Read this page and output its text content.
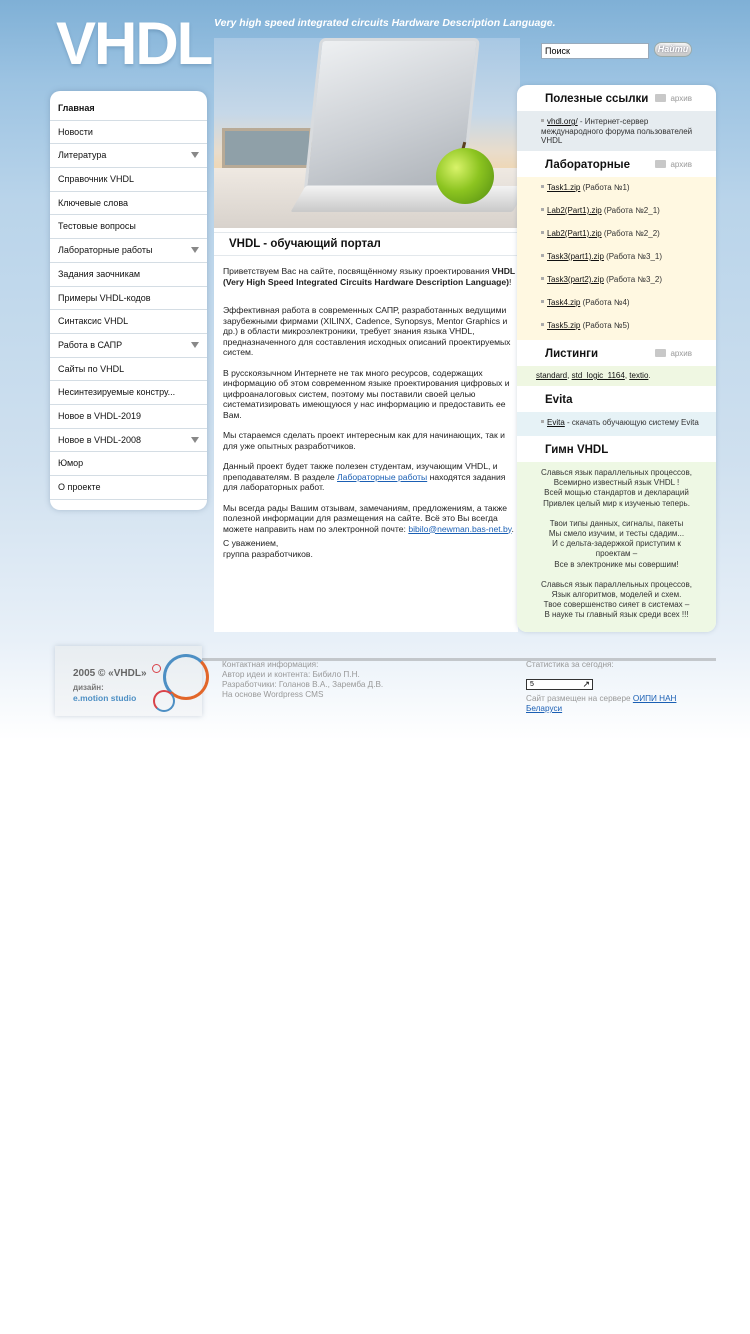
VHDL Very high speed integrated circuits Hardware Description Language.
Поиск
Найти
Главная
Новости
Литература
Справочник VHDL
Ключевые слова
Тестовые вопросы
Лабораторные работы
Задания заочникам
Примеры VHDL-кодов
Синтаксис VHDL
Работа в САПР
Сайты по VHDL
Несинтезируемые констру...
Новое в VHDL-2019
Новое в VHDL-2008
Юмор
О проекте
VHDL - обучающий портал

Приветствуем Вас на сайте, посвящённому языку проектирования VHDL (Very High Speed Integrated Circuits Hardware Description Language)!

Эффективная работа в современных САПР, разработанных ведущими зарубежными фирмами (XILINX, Cadence, Synopsys, Mentor Graphics и др.) в области микроэлектроники, требует знания языка VHDL, предназначенного для составления исходных описаний проектируемых систем.

В русскоязычном Интернете не так много ресурсов, содержащих информацию об этом современном языке проектирования цифровых и цифроаналоговых систем, поэтому мы поставили своей целью систематизировать имеющуюся у нас информацию и предоставить ее Вам.

Мы стараемся сделать проект интересным как для начинающих, так и для уже опытных разработчиков.

Данный проект будет также полезен студентам, изучающим VHDL, и преподавателям. В разделе Лабораторные работы находятся задания для лабораторных работ.

Мы всегда рады Вашим отзывам, замечаниям, предложениям, а также полезной информации для размещения на сайте. Всё это Вы всегда можете направить нам по электронной почте: bibilo@newman.bas-net.by.

С уважением,
группа разработчиков.

Полезные ссылки	архив
vhdl.org/ - Интернет-сервер международного форума пользователей VHDL
Лабораторные	архив
Task1.zip (Работа №1)
Lab2(Part1).zip (Работа №2_1)
Lab2(Part1).zip (Работа №2_2)
Task3(part1).zip (Работа №3_1)
Task3(part2).zip (Работа №3_2)
Task4.zip (Работа №4)
Task5.zip (Работа №5)
Листинги	архив
standard, std_logic_1164, textio.
Evita
Evita - скачать обучающую систему Evita
Гимн VHDL
Славься язык параллельных процессов,
Всемирно известный язык VHDL !
Всей мощью стандартов и деклараций
Привлек целый мир к изученью теперь.
Твои типы данных, сигналы, пакеты
Мы смело изучим, и тесты сдадим...
И с дельта-задержкой приступим к
проектам –
Все в электронике мы совершим!
Славься язык параллельных процессов,
Язык алгоритмов, моделей и схем.
Твое совершенство сияет в системах –
В науке ты главный язык среди всех !!!
2005 © «VHDL»
дизайн:
e.motion studio
Контактная информация:
Автор идеи и контента: Бибило П.Н.
Разработчики: Голанов В.А., Заремба Д.В.
На основе Wordpress CMS
Статистика за сегодня:
5	↗
Сайт размещен на сервере ОИПИ НАН Беларуси
